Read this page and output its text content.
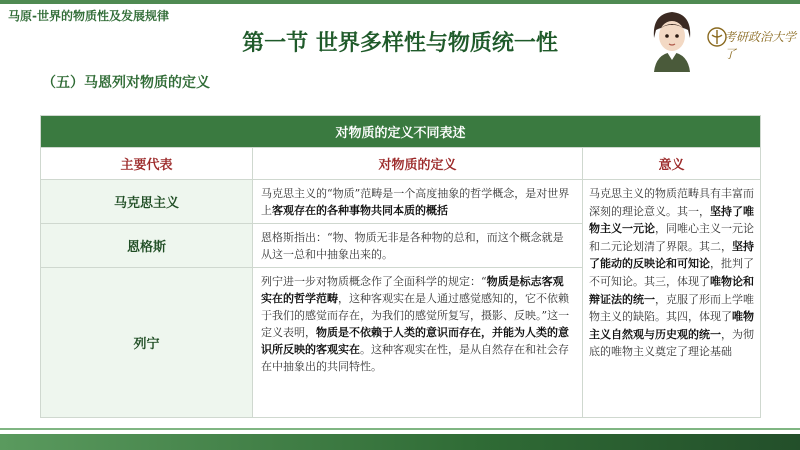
马原-世界的物质性及发展规律
第一节 世界多样性与物质统一性
（五）马恩列对物质的定义
考研政治大学了
对物质的定义不同表述		
主要代表	对物质的定义	意义
马克思主义	马克思主义的“物质”范畴是一个高度抽象的哲学概念，是对世界上客观存在的各种事物共同本质的概括	马克思主义的物质范畴具有丰富而深刻的理论意义。其一，坚持了唯物主义一元论，同唯心主义一元论和二元论划清了界限。其二，坚持了能动的反映论和可知论，批判了不可知论。其三，体现了唯物论和辩证法的统一，克服了形而上学唯物主义的缺陷。其四，体现了唯物主义自然观与历史观的统一，为彻底的唯物主义奠定了理论基础
恩格斯	恩格斯指出：“物、物质无非是各种物的总和，而这个概念就是从这一总和中抽象出来的。	
列宁	列宁进一步对物质概念作了全面科学的规定：“物质是标志客观实在的哲学范畴，这种客观实在是人通过感觉感知的，它不依赖于我们的感觉而存在，为我们的感觉所复写，摄影、反映。”这一定义表明，物质是不依赖于人类的意识而存在，并能为人类的意识所反映的客观实在。这种客观实在性，是从自然存在和社会存在中抽象出的共同特性。	
